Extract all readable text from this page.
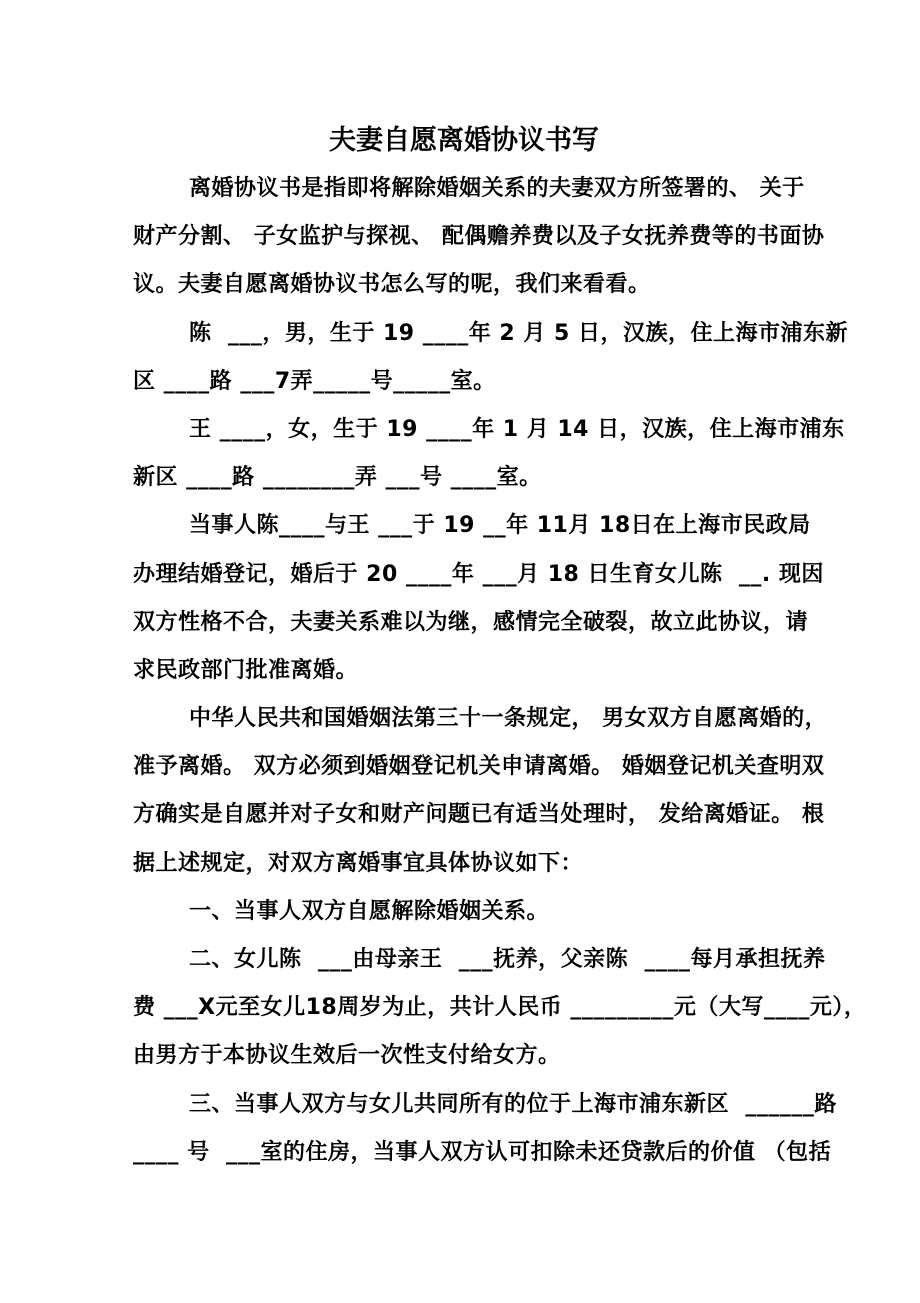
夫妻自愿离婚协议书写
离婚协议书是指即将解除婚姻关系的夫妻双方所签署的、 关于
财产分割、 子女监护与探视、 配偶赡养费以及子女抚养费等的书面协
议。夫妻自愿离婚协议书怎么写的呢，我们来看看。
陈  ___，男，生于 19 ____年 2 月 5 日，汉族，住上海市浦东新
区 ____路 ___7弄_____号_____室。
王 ____，女，生于 19 ____年 1 月 14 日，汉族，住上海市浦东
新区 ____路 ________弄 ___号 ____室。
当事人陈____与王 ___于 19 __年 11月 18日在上海市民政局
办理结婚登记，婚后于 20 ____年 ___月 18 日生育女儿陈  __. 现因
双方性格不合，夫妻关系难以为继，感情完全破裂，故立此协议，请
求民政部门批准离婚。
中华人民共和国婚姻法第三十一条规定， 男女双方自愿离婚的，
准予离婚。 双方必须到婚姻登记机关申请离婚。 婚姻登记机关查明双
方确实是自愿并对子女和财产问题已有适当处理时， 发给离婚证。 根
据上述规定，对双方离婚事宜具体协议如下：
一、当事人双方自愿解除婚姻关系。
二、女儿陈  ___由母亲王  ___抚养，父亲陈  ____每月承担抚养
费 ___X元至女儿18周岁为止，共计人民币 _________元（大写____元），
由男方于本协议生效后一次性支付给女方。
三、当事人双方与女儿共同所有的位于上海市浦东新区  ______路
____ 号  ___室的住房，当事人双方认可扣除未还贷款后的价值 （包括
